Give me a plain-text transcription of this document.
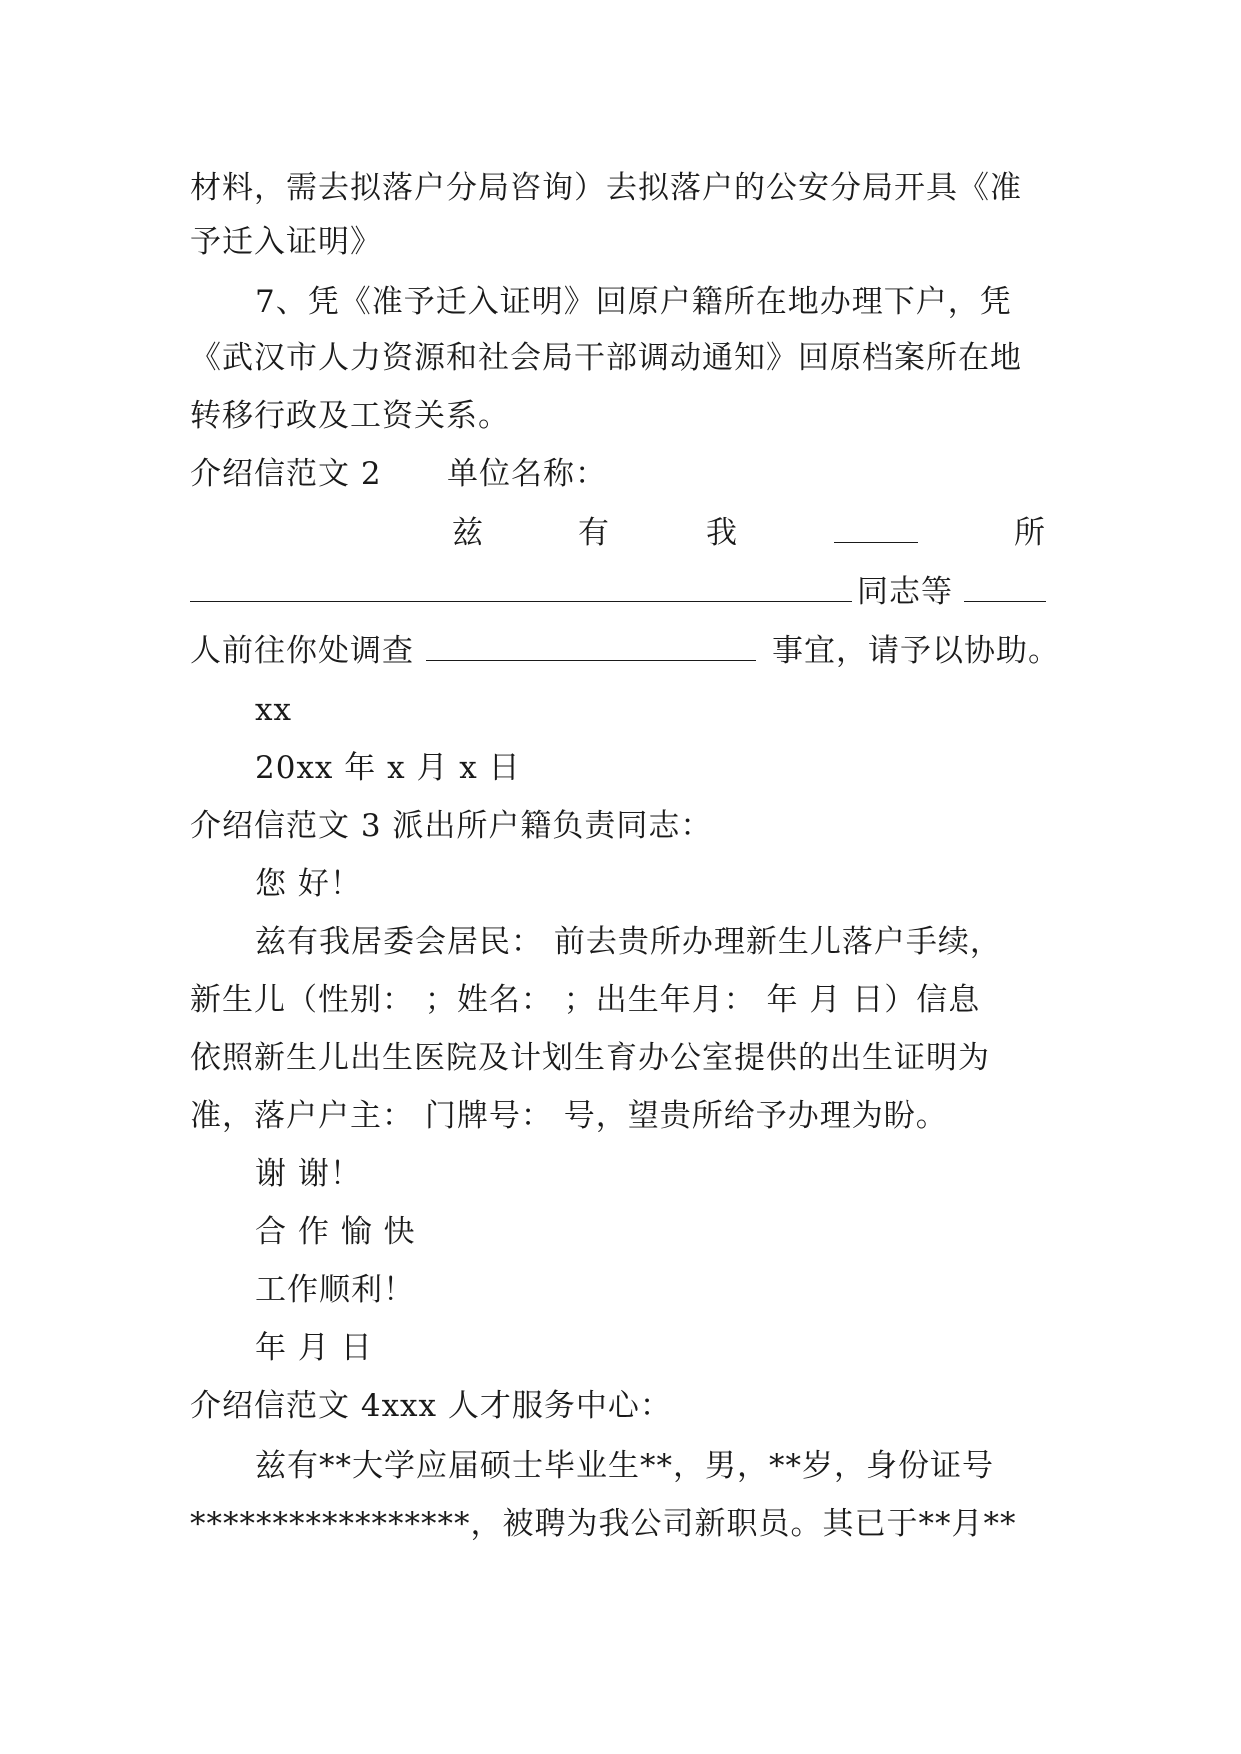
材料，需去拟落户分局咨询）去拟落户的公安分局开具《准
予迁入证明》
7、凭《准予迁入证明》回原户籍所在地办理下户，凭
《武汉市人力资源和社会局干部调动通知》回原档案所在地
转移行政及工资关系。
介绍信范文 2 单位名称：
兹	有	我	所
同志等
人前往你处调查	事宜，请予以协助。
xx
20xx 年 x 月 x 日
介绍信范文 3 派出所户籍负责同志：
您 好！
兹有我居委会居民： 前去贵所办理新生儿落户手续，
新生儿（性别： ；姓名： ；出生年月： 年 月 日）信息
依照新生儿出生医院及计划生育办公室提供的出生证明为
准，落户户主： 门牌号： 号，望贵所给予办理为盼。
谢 谢！
合 作 愉 快
工作顺利！
年 月 日
介绍信范文 4xxx 人才服务中心：
兹有**大学应届硕士毕业生**，男，**岁，身份证号
*****************，被聘为我公司新职员。其已于**月**
